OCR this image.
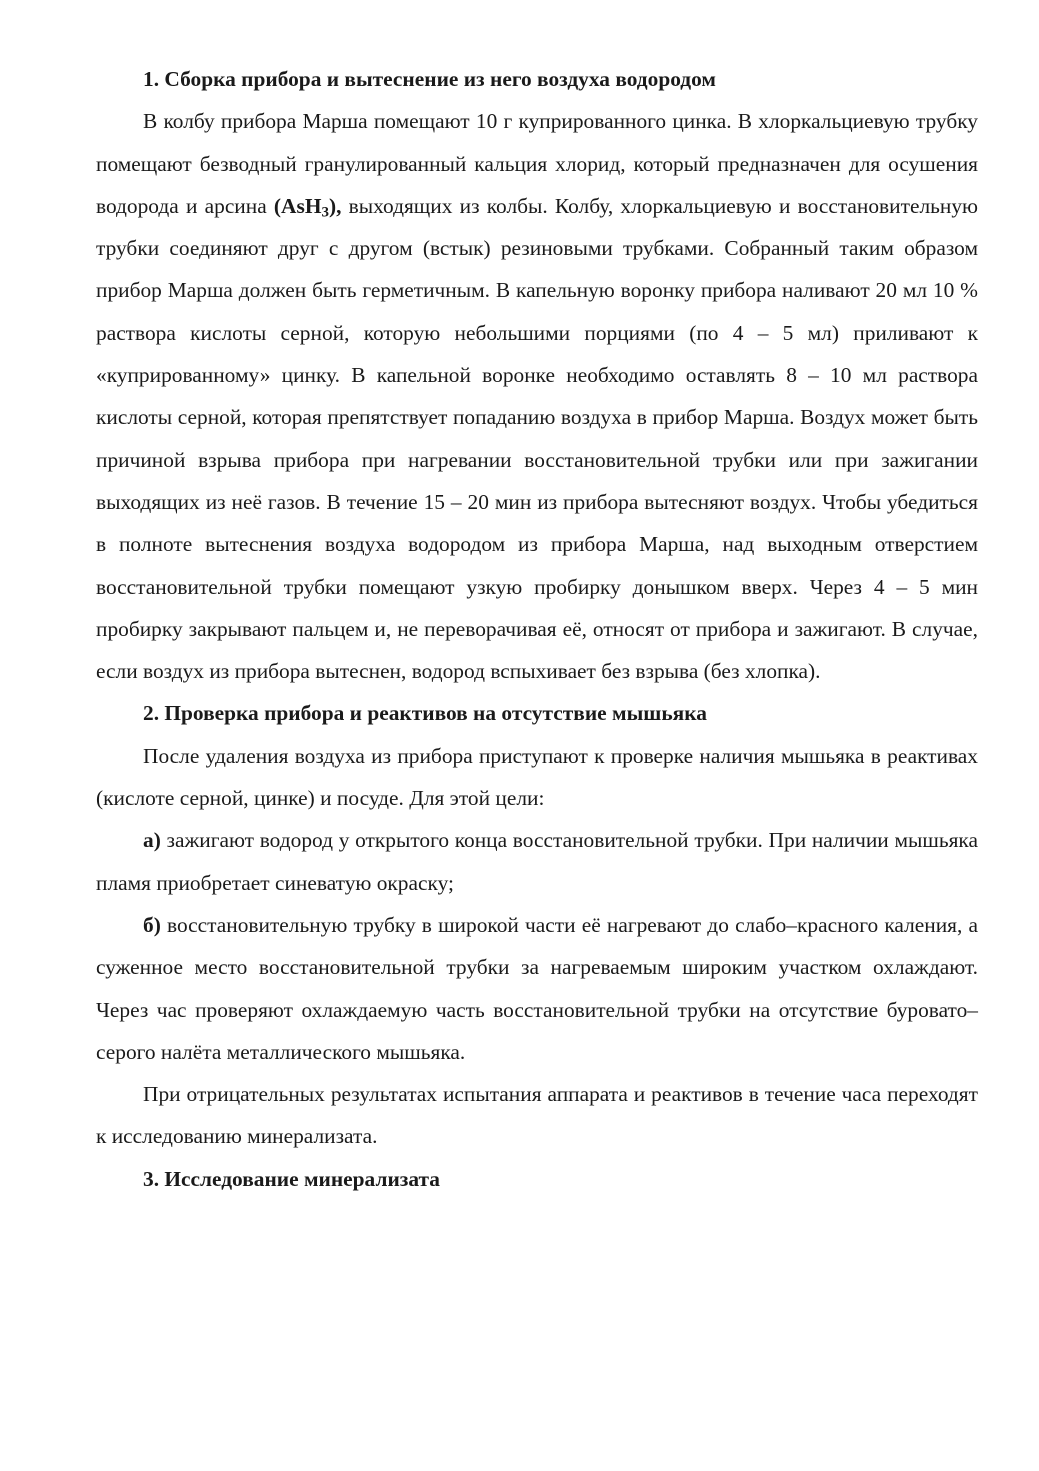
1. Сборка прибора и вытеснение из него воздуха водородом

В колбу прибора Марша помещают 10 г купрированного цинка. В хлоркальциевую трубку помещают безводный гранулированный кальция хлорид, который предназначен для осушения водорода и арсина (AsH$_3$), выходящих из колбы. Колбу, хлоркальциевую и восстановительную трубки соединяют друг с другом (встык) резиновыми трубками. Собранный таким образом прибор Марша должен быть герметичным. В капельную воронку прибора наливают 20 мл 10 % раствора кислоты серной, которую небольшими порциями (по 4 – 5 мл) приливают к «купрированному» цинку. В капельной воронке необходимо оставлять 8 – 10 мл раствора кислоты серной, которая препятствует попаданию воздуха в прибор Марша. Воздух может быть причиной взрыва прибора при нагревании восстановительной трубки или при зажигании выходящих из неё газов. В течение 15 – 20 мин из прибора вытесняют воздух. Чтобы убедиться в полноте вытеснения воздуха водородом из прибора Марша, над выходным отверстием восстановительной трубки помещают узкую пробирку донышком вверх. Через 4 – 5 мин пробирку закрывают пальцем и, не переворачивая её, относят от прибора и зажигают. В случае, если воздух из прибора вытеснен, водород вспыхивает без взрыва (без хлопка).

2. Проверка прибора и реактивов на отсутствие мышьяка

После удаления воздуха из прибора приступают к проверке наличия мышьяка в реактивах (кислоте серной, цинке) и посуде. Для этой цели:

а) зажигают водород у открытого конца восстановительной трубки. При наличии мышьяка пламя приобретает синеватую окраску;

б) восстановительную трубку в широкой части её нагревают до слабо–красного каления, а суженное место восстановительной трубки за нагреваемым широким участком охлаждают. Через час проверяют охлаждаемую часть восстановительной трубки на отсутствие буровато–серого налёта металлического мышьяка.

При отрицательных результатах испытания аппарата и реактивов в течение часа переходят к исследованию минерализата.

3. Исследование минерализата
